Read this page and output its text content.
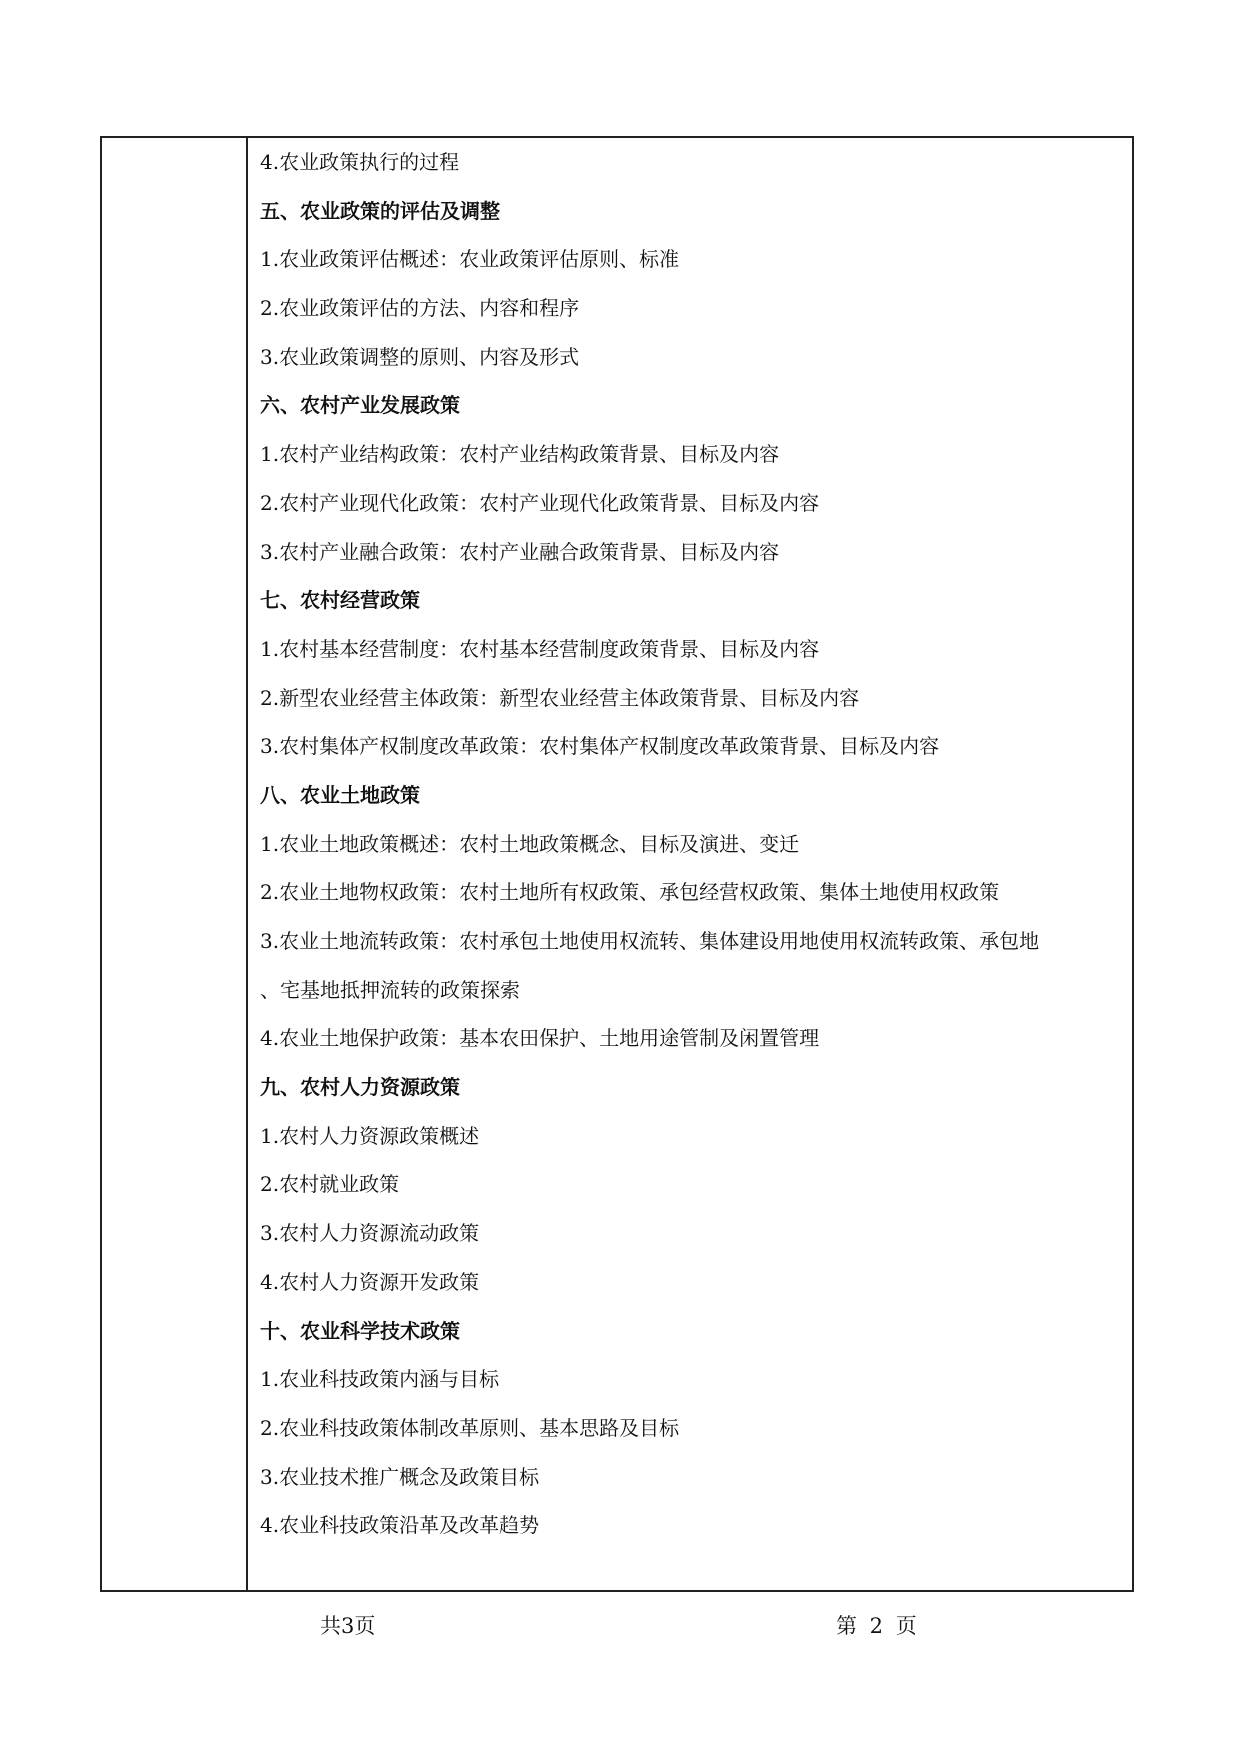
4.农业政策执行的过程
五、农业政策的评估及调整
1.农业政策评估概述：农业政策评估原则、标准
2.农业政策评估的方法、内容和程序
3.农业政策调整的原则、内容及形式
六、农村产业发展政策
1.农村产业结构政策：农村产业结构政策背景、目标及内容
2.农村产业现代化政策：农村产业现代化政策背景、目标及内容
3.农村产业融合政策：农村产业融合政策背景、目标及内容
七、农村经营政策
1.农村基本经营制度：农村基本经营制度政策背景、目标及内容
2.新型农业经营主体政策：新型农业经营主体政策背景、目标及内容
3.农村集体产权制度改革政策：农村集体产权制度改革政策背景、目标及内容
八、农业土地政策
1.农业土地政策概述：农村土地政策概念、目标及演进、变迁
2.农业土地物权政策：农村土地所有权政策、承包经营权政策、集体土地使用权政策
3.农业土地流转政策：农村承包土地使用权流转、集体建设用地使用权流转政策、承包地
、宅基地抵押流转的政策探索
4.农业土地保护政策：基本农田保护、土地用途管制及闲置管理
九、农村人力资源政策
1.农村人力资源政策概述
2.农村就业政策
3.农村人力资源流动政策
4.农村人力资源开发政策
十、农业科学技术政策
1.农业科技政策内涵与目标
2.农业科技政策体制改革原则、基本思路及目标
3.农业技术推广概念及政策目标
4.农业科技政策沿革及改革趋势
共3页	第 2 页
